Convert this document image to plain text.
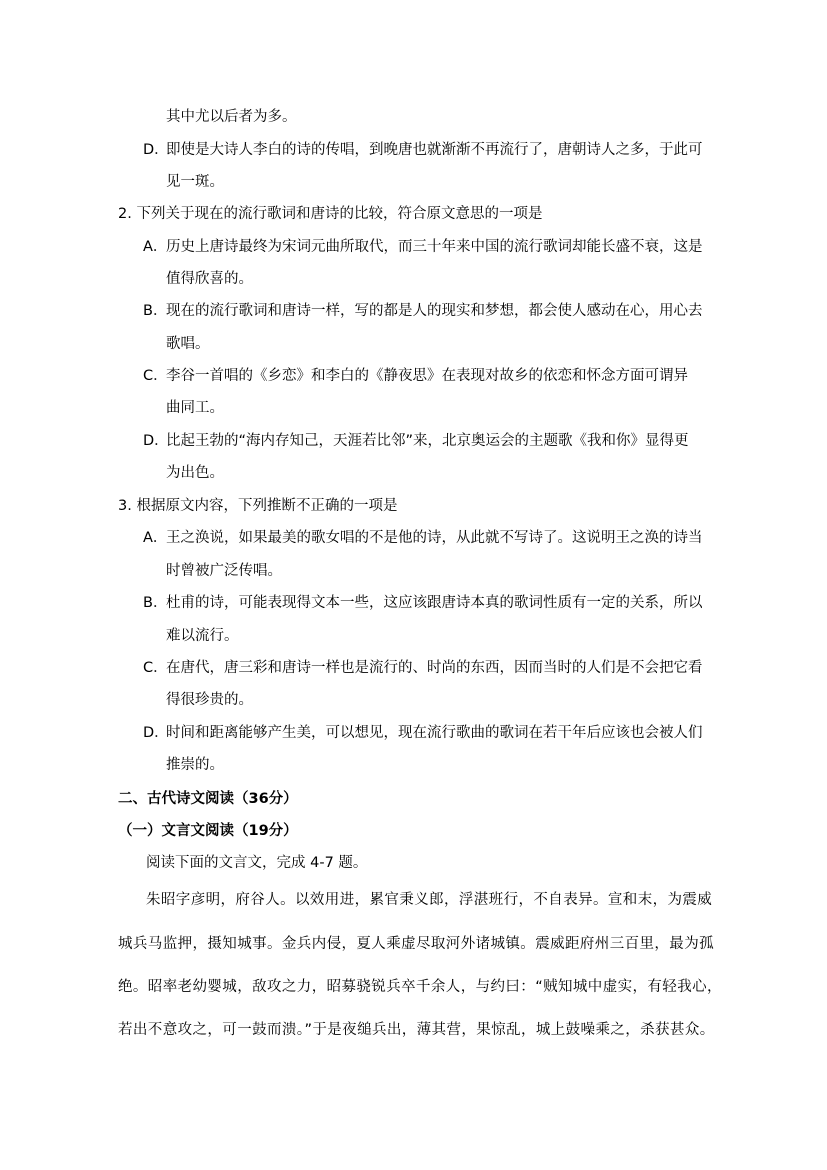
其中尤以后者为多。
D．
即使是大诗人李白的诗的传唱，到晚唐也就渐渐不再流行了，唐朝诗人之多，于此可
见一斑。
2. 下列关于现在的流行歌词和唐诗的比较，符合原文意思的一项是
A．
历史上唐诗最终为宋词元曲所取代，而三十年来中国的流行歌词却能长盛不衰，这是
值得欣喜的。
B．
现在的流行歌词和唐诗一样，写的都是人的现实和梦想，都会使人感动在心，用心去
歌唱。
C．
李谷一首唱的《乡恋》和李白的《静夜思》在表现对故乡的依恋和怀念方面可谓异
曲同工。
D．
比起王勃的“海内存知己，天涯若比邻”来，北京奥运会的主题歌《我和你》显得更
为出色。
3. 根据原文内容，下列推断不正确的一项是
A．
王之涣说，如果最美的歌女唱的不是他的诗，从此就不写诗了。这说明王之涣的诗当
时曾被广泛传唱。
B．
杜甫的诗，可能表现得文本一些，这应该跟唐诗本真的歌词性质有一定的关系，所以
难以流行。
C．
在唐代，唐三彩和唐诗一样也是流行的、时尚的东西，因而当时的人们是不会把它看
得很珍贵的。
D．
时间和距离能够产生美，可以想见，现在流行歌曲的歌词在若干年后应该也会被人们
推崇的。
二、古代诗文阅读（36分）
（一）文言文阅读（19分）
阅读下面的文言文，完成 4-7 题。
朱昭字彦明，府谷人。以效用进，累官秉义郎，浮湛班行，不自表异。宣和末，为震威
城兵马监押，摄知城事。金兵内侵，夏人乘虚尽取河外诸城镇。震威距府州三百里，最为孤
绝。昭率老幼婴城，敌攻之力，昭募骁锐兵卒千余人，与约曰：“贼知城中虚实，有轻我心，
若出不意攻之，可一鼓而溃。”于是夜缒兵出，薄其营，果惊乱，城上鼓噪乘之，杀获甚众。
